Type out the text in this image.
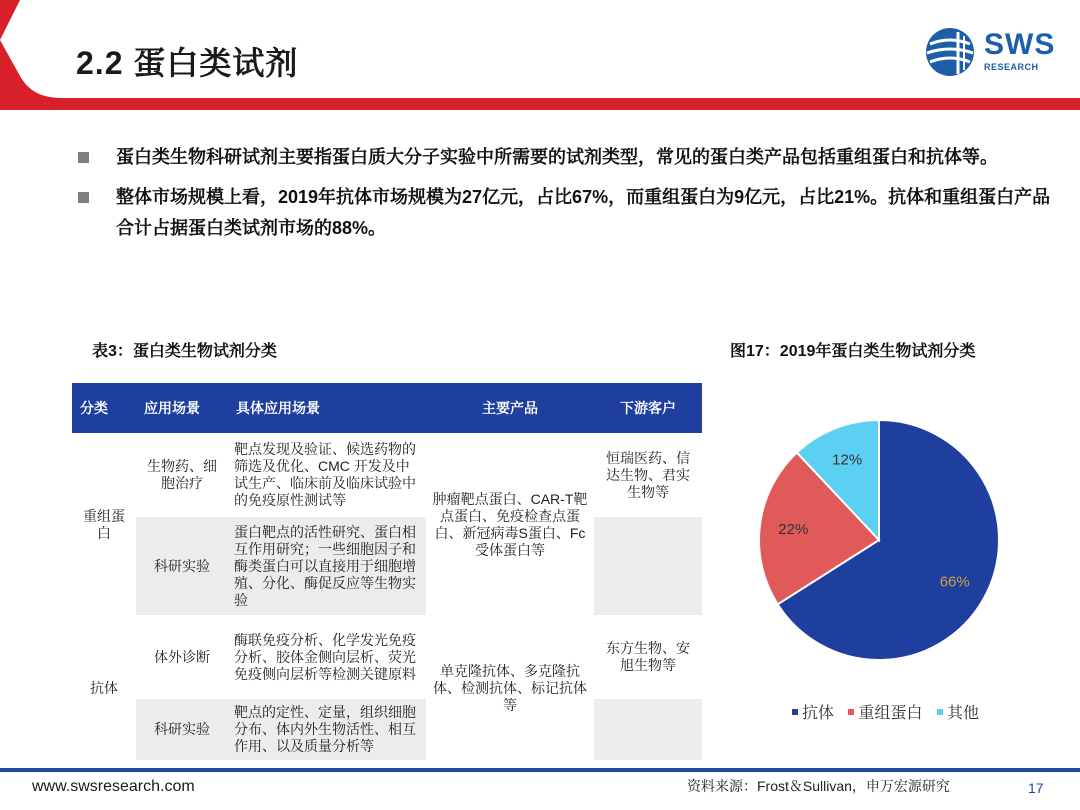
2.2 蛋白类试剂
SWS
RESEARCH
蛋白类生物科研试剂主要指蛋白质大分子实验中所需要的试剂类型，常见的蛋白类产品包括重组蛋白和抗体等。
整体市场规模上看，2019年抗体市场规模为27亿元，占比67%，而重组蛋白为9亿元，占比21%。抗体和重组蛋白产品合计占据蛋白类试剂市场的88%。
表3：蛋白类生物试剂分类	图17：2019年蛋白类生物试剂分类
分类	应用场景	具体应用场景	主要产品	下游客户
重组蛋白	生物药、细胞治疗	靶点发现及验证、候选药物的筛选及优化、CMC 开发及中试生产、临床前及临床试验中的免疫原性测试等	肿瘤靶点蛋白、CAR-T靶点蛋白、免疫检查点蛋白、新冠病毒S蛋白、Fc受体蛋白等	恒瑞医药、信达生物、君实生物等
	科研实验	蛋白靶点的活性研究、蛋白相互作用研究；一些细胞因子和酶类蛋白可以直接用于细胞增殖、分化、酶促反应等生物实验		
抗体	体外诊断	酶联免疫分析、化学发光免疫分析、胶体金侧向层析、荧光免疫侧向层析等检测关键原料	单克隆抗体、多克隆抗体、检测抗体、标记抗体等	东方生物、安旭生物等
	科研实验	靶点的定性、定量，组织细胞分布、体内外生物活性、相互作用、以及质量分析等		
66%
22%
12%
抗体 重组蛋白 其他
www.swsresearch.com	资料来源：Frost＆Sullivan，申万宏源研究	17
